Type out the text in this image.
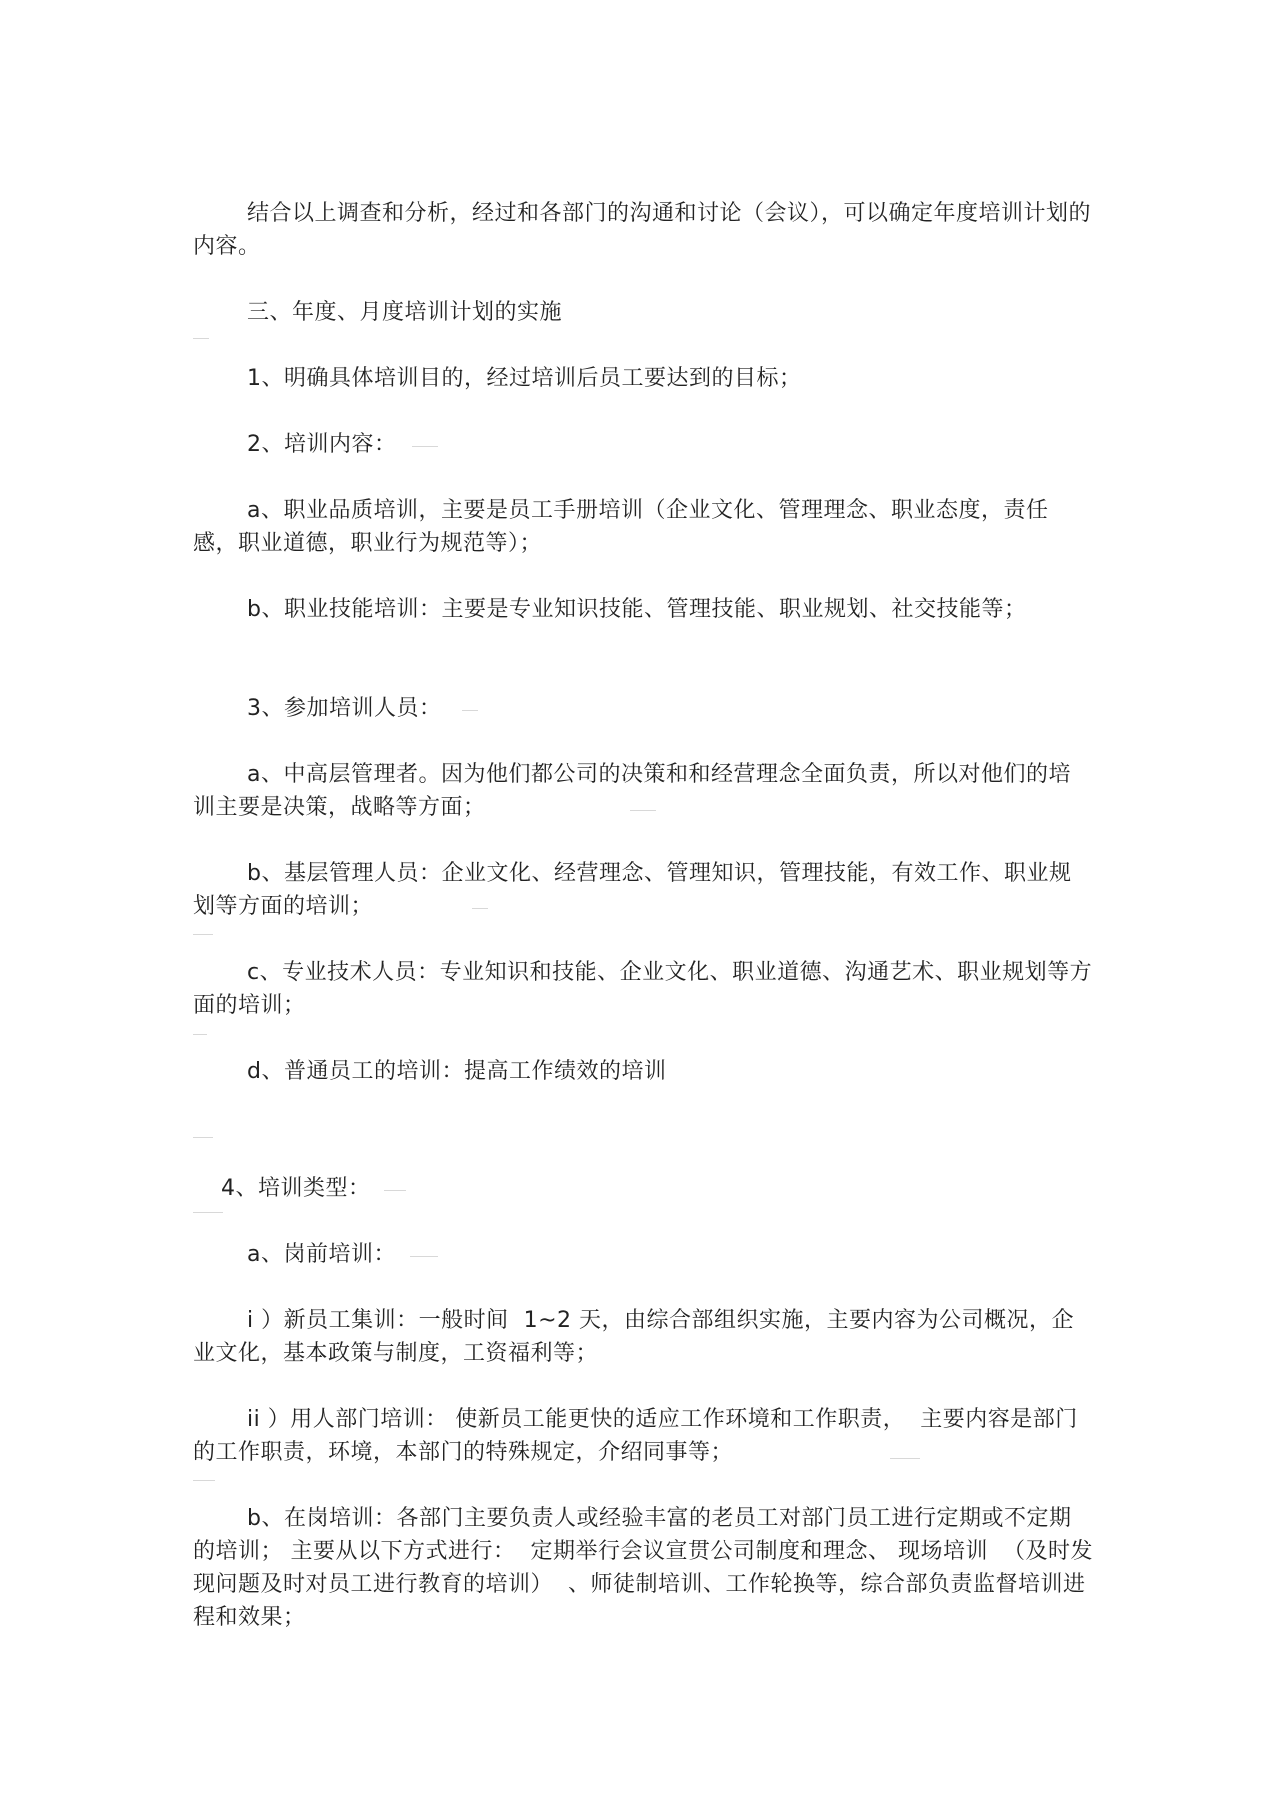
结合以上调查和分析，经过和各部门的沟通和讨论（会议），可以确定年度培训计划的内容。

三、年度、月度培训计划的实施

1、明确具体培训目的，经过培训后员工要达到的目标；

2、培训内容：

a、职业品质培训，主要是员工手册培训（企业文化、管理理念、职业态度，责任感，职业道德，职业行为规范等）；

b、职业技能培训：主要是专业知识技能、管理技能、职业规划、社交技能等；

3、参加培训人员：

a、中高层管理者。因为他们都公司的决策和和经营理念全面负责，所以对他们的培训主要是决策，战略等方面；

b、基层管理人员：企业文化、经营理念、管理知识，管理技能，有效工作、职业规划等方面的培训；

c、专业技术人员：专业知识和技能、企业文化、职业道德、沟通艺术、职业规划等方面的培训；

d、普通员工的培训：提高工作绩效的培训

4、培训类型：

a、岗前培训：

i ）新员工集训：一般时间  1~2 天，由综合部组织实施，主要内容为公司概况，企业文化，基本政策与制度，工资福利等；

ii ）用人部门培训： 使新员工能更快的适应工作环境和工作职责，  主要内容是部门的工作职责，环境，本部门的特殊规定，介绍同事等；

b、在岗培训：各部门主要负责人或经验丰富的老员工对部门员工进行定期或不定期的培训； 主要从以下方式进行：  定期举行会议宣贯公司制度和理念、 现场培训  （及时发现问题及时对员工进行教育的培训）  、师徒制培训、工作轮换等，综合部负责监督培训进程和效果；
